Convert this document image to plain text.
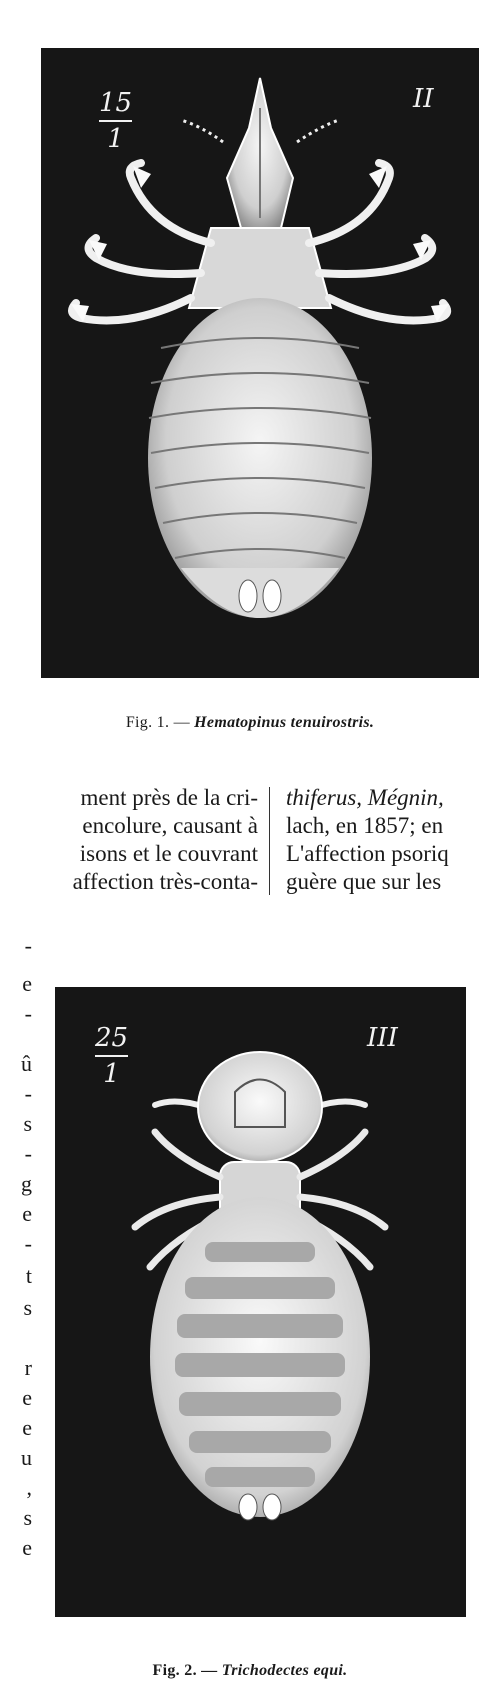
15
1
II
Fig. 1. — Hematopinus tenuirostris.
ment près de la cri-
encolure, causant à
isons et le couvrant
affection très-conta-
thiferus, Mégnin,
lach, en 1857; en
L'affection psoriq
guère que sur les
-
e
-
û
-
s
-
g
e
-
t
s
r
e
e
u
,
s
e
25
1
III
Fig. 2. — Trichodectes equi.
